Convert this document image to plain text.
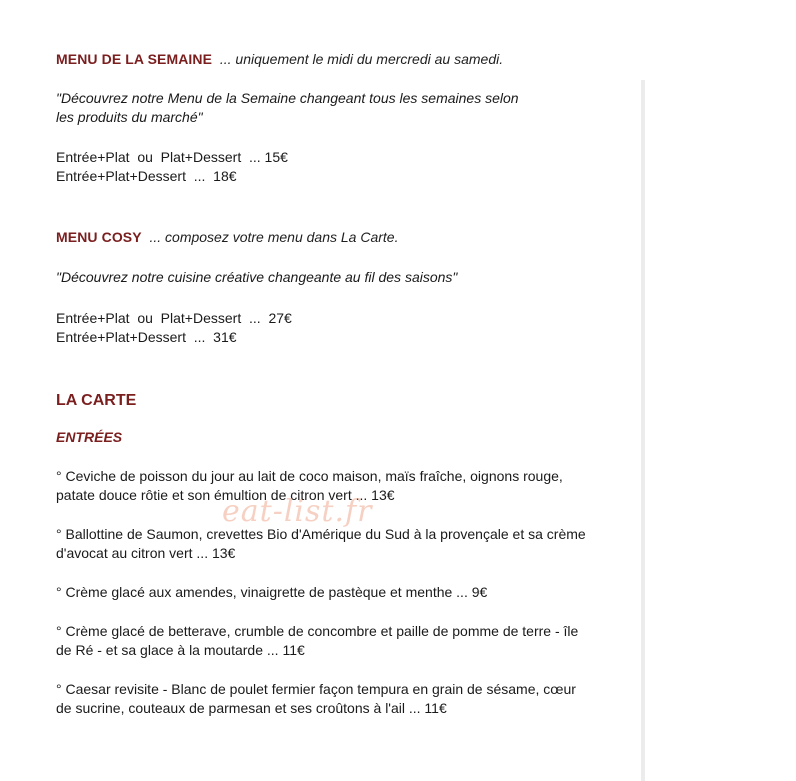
MENU DE LA SEMAINE ... uniquement le midi du mercredi au samedi.

"Découvrez notre Menu de la Semaine changeant tous les semaines selon
les produits du marché"

Entrée+Plat  ou  Plat+Dessert  ... 15€
Entrée+Plat+Dessert  ...  18€

MENU COSY ... composez votre menu dans La Carte.

"Découvrez notre cuisine créative changeante au fil des saisons"

Entrée+Plat  ou  Plat+Dessert  ...  27€
Entrée+Plat+Dessert  ...  31€

LA CARTE

ENTRÉES

° Ceviche de poisson du jour au lait de coco maison, maïs fraîche, oignons rouge,
patate douce rôtie et son émultion de citron vert ... 13€

° Ballottine de Saumon, crevettes Bio d'Amérique du Sud à la provençale et sa crème
d'avocat au citron vert ... 13€

° Crème glacé aux amendes, vinaigrette de pastèque et menthe ... 9€

° Crème glacé de betterave, crumble de concombre et paille de pomme de terre - île
de Ré - et sa glace à la moutarde ... 11€

° Caesar revisite - Blanc de poulet fermier façon tempura en grain de sésame, cœur
de sucrine, couteaux de parmesan et ses croûtons à l'ail ... 11€

eat-list.fr
